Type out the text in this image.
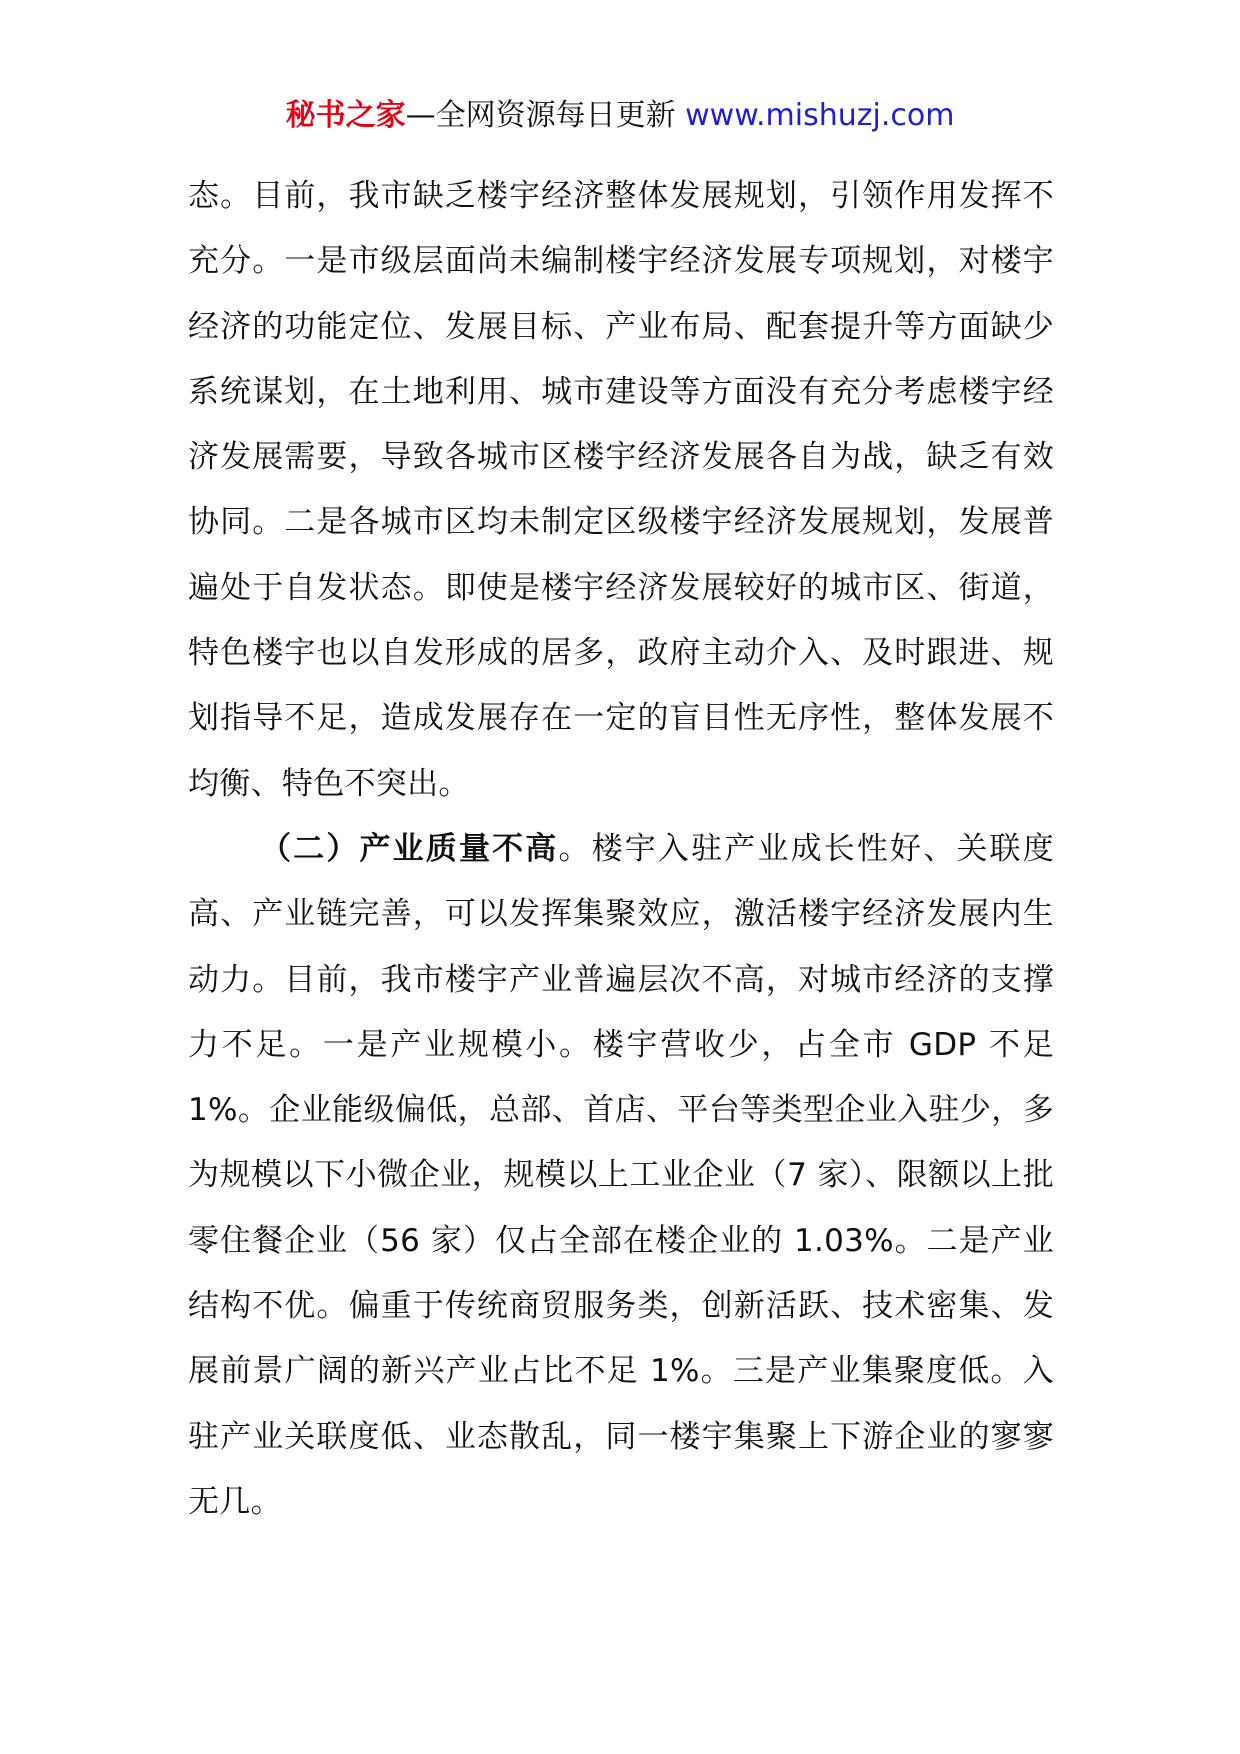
秘书之家—全网资源每日更新 www.mishuzj.com

态。目前，我市缺乏楼宇经济整体发展规划，引领作用发挥不充分。一是市级层面尚未编制楼宇经济发展专项规划，对楼宇经济的功能定位、发展目标、产业布局、配套提升等方面缺少系统谋划，在土地利用、城市建设等方面没有充分考虑楼宇经济发展需要，导致各城市区楼宇经济发展各自为战，缺乏有效协同。二是各城市区均未制定区级楼宇经济发展规划，发展普遍处于自发状态。即使是楼宇经济发展较好的城市区、街道，特色楼宇也以自发形成的居多，政府主动介入、及时跟进、规划指导不足，造成发展存在一定的盲目性无序性，整体发展不均衡、特色不突出。

（二）产业质量不高。楼宇入驻产业成长性好、关联度高、产业链完善，可以发挥集聚效应，激活楼宇经济发展内生动力。目前，我市楼宇产业普遍层次不高，对城市经济的支撑力不足。一是产业规模小。楼宇营收少，占全市 GDP 不足 1%。企业能级偏低，总部、首店、平台等类型企业入驻少，多为规模以下小微企业，规模以上工业企业（7 家）、限额以上批零住餐企业（56 家）仅占全部在楼企业的 1.03%。二是产业结构不优。偏重于传统商贸服务类，创新活跃、技术密集、发展前景广阔的新兴产业占比不足 1%。三是产业集聚度低。入驻产业关联度低、业态散乱，同一楼宇集聚上下游企业的寥寥无几。
